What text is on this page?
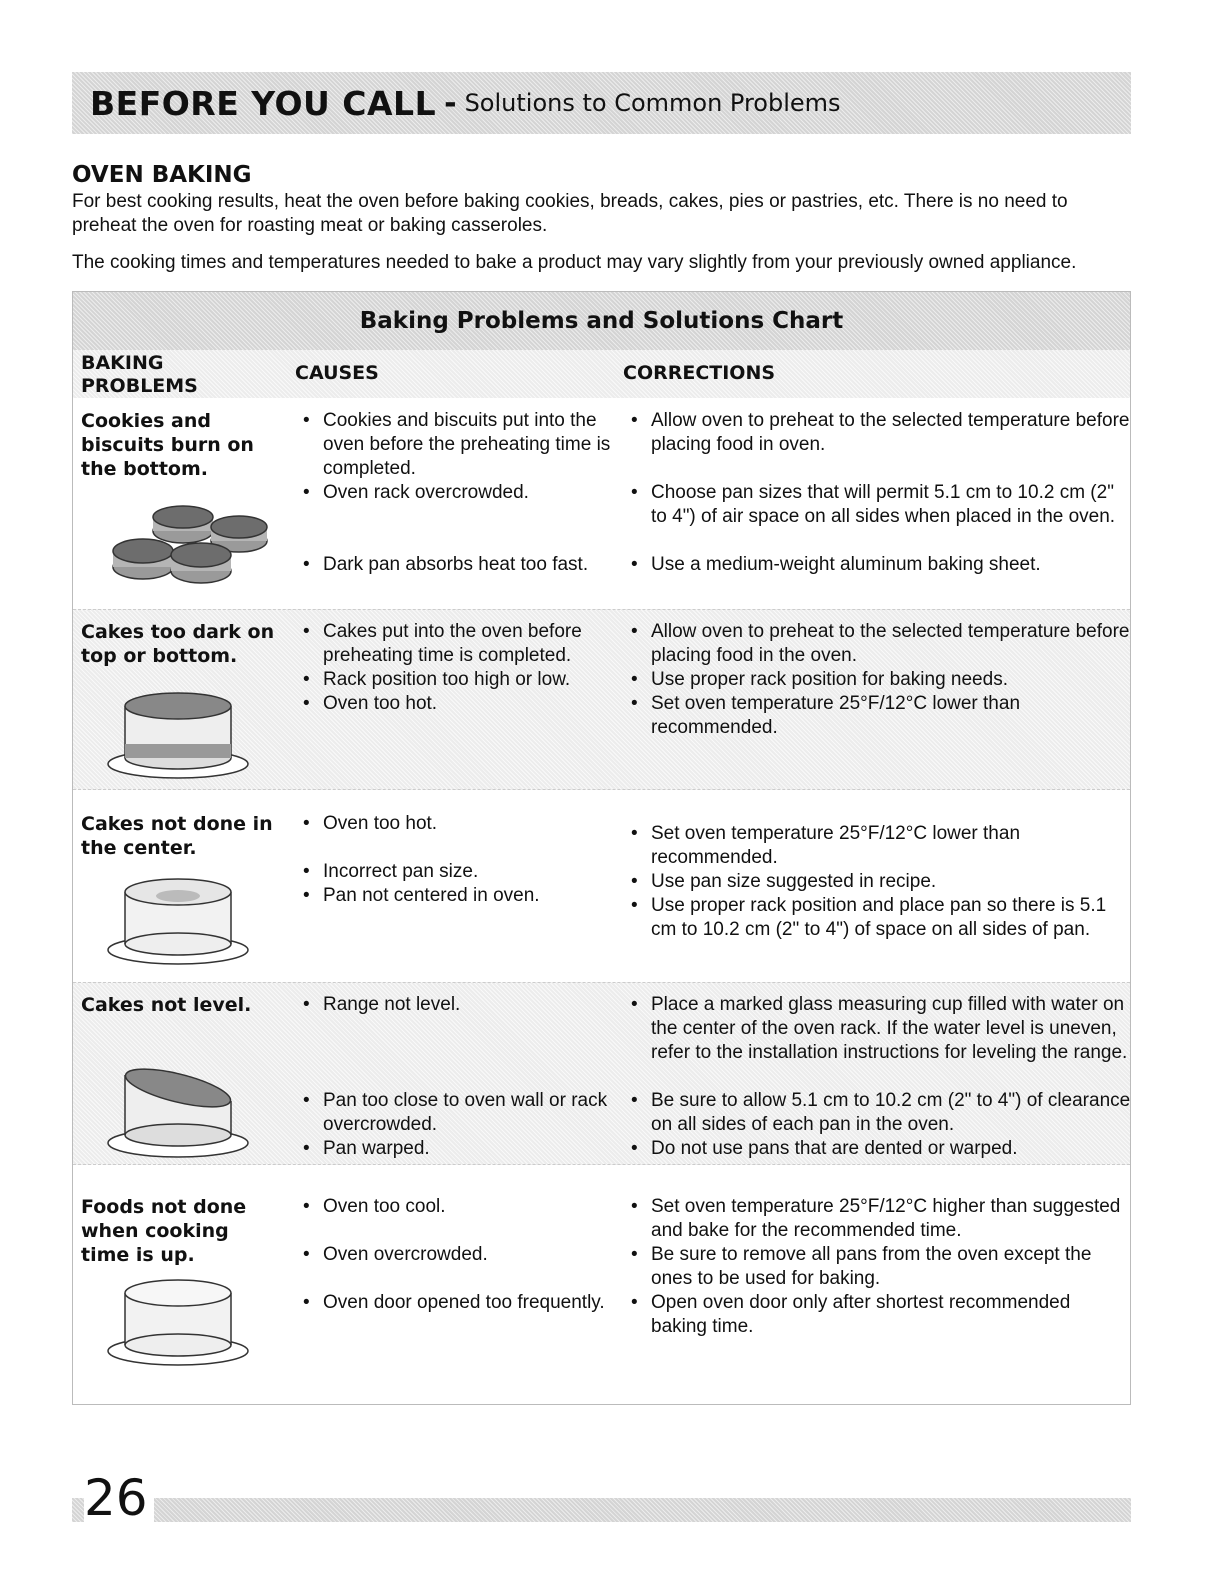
BEFORE YOU CALL - Solutions to Common Problems
OVEN BAKING

For best cooking results, heat the oven before baking cookies, breads, cakes, pies or pastries, etc. There is no need to preheat the oven for roasting meat or baking casseroles.

The cooking times and temperatures needed to bake a product may vary slightly from your previously owned appliance.

Baking Problems and Solutions Chart
BAKING PROBLEMS
CAUSES	CORRECTIONS
Cookies and biscuits burn on the bottom.
• Cookies and biscuits put into the oven before the preheating time is completed.
• Oven rack overcrowded.
• Dark pan absorbs heat too fast.
• Allow oven to preheat to the selected temperature before placing food in oven.
• Choose pan sizes that will permit 5.1 cm to 10.2 cm (2" to 4") of air space on all sides when placed in the oven.
• Use a medium-weight aluminum baking sheet.
Cakes too dark on top or bottom.
• Cakes put into the oven before preheating time is completed.
• Rack position too high or low.
• Oven too hot.
• Allow oven to preheat to the selected temperature before placing food in the oven.
• Use proper rack position for baking needs.
• Set oven temperature 25°F/12°C lower than recommended.
Cakes not done in the center.
• Oven too hot.
• Incorrect pan size.
• Pan not centered in oven.
• Set oven temperature 25°F/12°C lower than recommended.
• Use pan size suggested in recipe.
• Use proper rack position and place pan so there is 5.1 cm to 10.2 cm (2" to 4") of space on all sides of pan.
Cakes not level.
•	Range not level.
• Pan too close to oven wall or rack overcrowded.
• Pan warped.
• Place a marked glass measuring cup filled with water on the center of the oven rack. If the water level is uneven, refer to the installation instructions for leveling the range.
• Be sure to allow 5.1 cm to 10.2 cm (2" to 4") of clearance on all sides of each pan in the oven.
• Do not use pans that are dented or warped.
Foods not done when cooking time is up.
• Oven too cool.
• Oven overcrowded.
• Oven door opened too frequently.
• Set oven temperature 25°F/12°C higher than suggested and bake for the recommended time.
• Be sure to remove all pans from the oven except the ones to be used for baking.
• Open oven door only after shortest recommended baking time.
26
